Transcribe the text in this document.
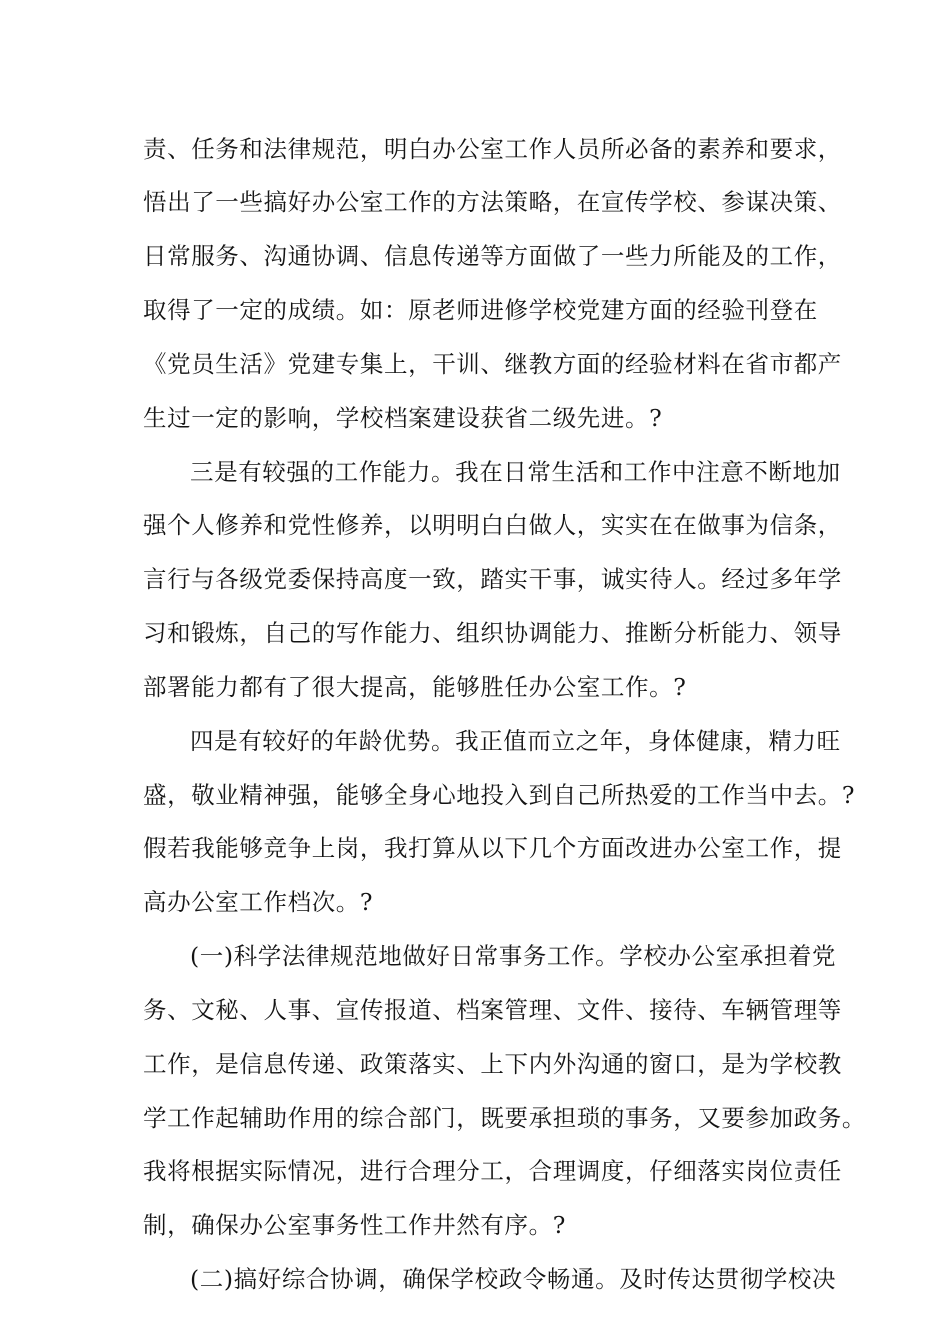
责、任务和法律规范，明白办公室工作人员所必备的素养和要求，
悟出了一些搞好办公室工作的方法策略，在宣传学校、参谋决策、
日常服务、沟通协调、信息传递等方面做了一些力所能及的工作，
取得了一定的成绩。如：原老师进修学校党建方面的经验刊登在
《党员生活》党建专集上，干训、继教方面的经验材料在省市都产
生过一定的影响，学校档案建设获省二级先进。?
三是有较强的工作能力。我在日常生活和工作中注意不断地加
强个人修养和党性修养，以明明白白做人，实实在在做事为信条，
言行与各级党委保持高度一致，踏实干事，诚实待人。经过多年学
习和锻炼，自己的写作能力、组织协调能力、推断分析能力、领导
部署能力都有了很大提高，能够胜任办公室工作。?
四是有较好的年龄优势。我正值而立之年，身体健康，精力旺
盛，敬业精神强，能够全身心地投入到自己所热爱的工作当中去。?
假若我能够竞争上岗，我打算从以下几个方面改进办公室工作，提
高办公室工作档次。?
(一)科学法律规范地做好日常事务工作。学校办公室承担着党
务、文秘、人事、宣传报道、档案管理、文件、接待、车辆管理等
工作，是信息传递、政策落实、上下内外沟通的窗口，是为学校教
学工作起辅助作用的综合部门，既要承担琐的事务，又要参加政务。
我将根据实际情况，进行合理分工，合理调度，仔细落实岗位责任
制，确保办公室事务性工作井然有序。?
(二)搞好综合协调，确保学校政令畅通。及时传达贯彻学校决
